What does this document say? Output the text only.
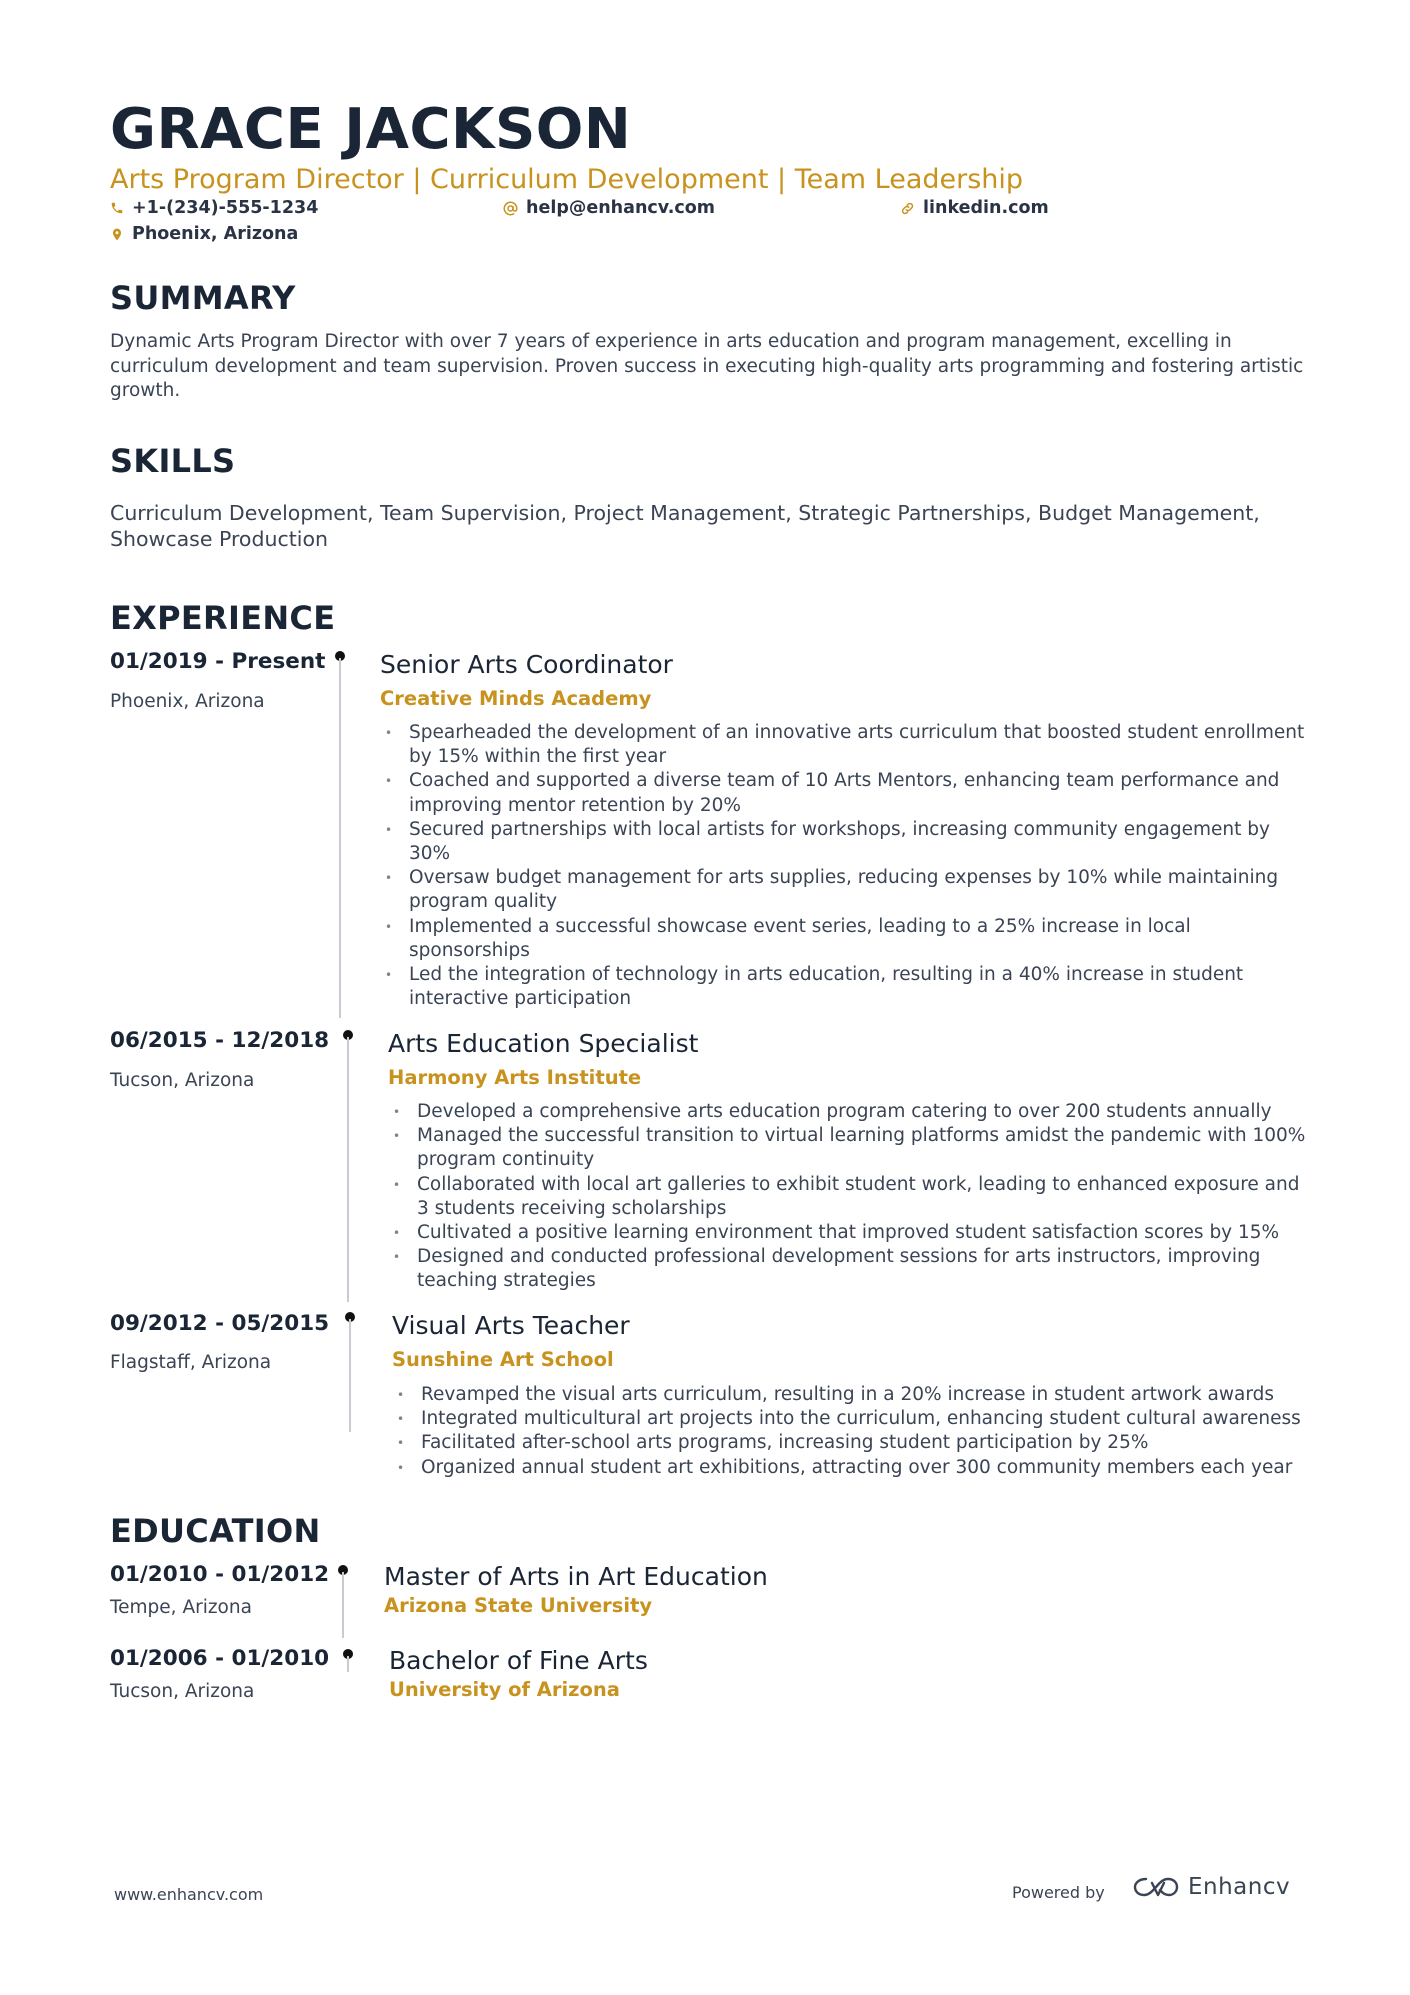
GRACE JACKSON
Arts Program Director | Curriculum Development | Team Leadership
+1-(234)-555-1234	help@enhancv.com	linkedin.com
Phoenix, Arizona
SUMMARY
Dynamic Arts Program Director with over 7 years of experience in arts education and program management, excelling in curriculum development and team supervision. Proven success in executing high-quality arts programming and fostering artistic growth.
SKILLS
Curriculum Development, Team Supervision, Project Management, Strategic Partnerships, Budget Management, Showcase Production
EXPERIENCE
01/2019 - Present
Phoenix, Arizona
Senior Arts Coordinator
Creative Minds Academy
• Spearheaded the development of an innovative arts curriculum that boosted student enrollment by 15% within the first year
• Coached and supported a diverse team of 10 Arts Mentors, enhancing team performance and improving mentor retention by 20%
• Secured partnerships with local artists for workshops, increasing community engagement by 30%
• Oversaw budget management for arts supplies, reducing expenses by 10% while maintaining program quality
• Implemented a successful showcase event series, leading to a 25% increase in local sponsorships
• Led the integration of technology in arts education, resulting in a 40% increase in student interactive participation
06/2015 - 12/2018
Tucson, Arizona
Arts Education Specialist
Harmony Arts Institute
• Developed a comprehensive arts education program catering to over 200 students annually
• Managed the successful transition to virtual learning platforms amidst the pandemic with 100% program continuity
• Collaborated with local art galleries to exhibit student work, leading to enhanced exposure and 3 students receiving scholarships
• Cultivated a positive learning environment that improved student satisfaction scores by 15%
• Designed and conducted professional development sessions for arts instructors, improving teaching strategies
09/2012 - 05/2015
Flagstaff, Arizona
Visual Arts Teacher
Sunshine Art School
• Revamped the visual arts curriculum, resulting in a 20% increase in student artwork awards
• Integrated multicultural art projects into the curriculum, enhancing student cultural awareness
• Facilitated after-school arts programs, increasing student participation by 25%
• Organized annual student art exhibitions, attracting over 300 community members each year
EDUCATION
01/2010 - 01/2012
Tempe, Arizona
Master of Arts in Art Education
Arizona State University
01/2006 - 01/2010
Tucson, Arizona
Bachelor of Fine Arts
University of Arizona
www.enhancv.com	Powered by	Enhancv
